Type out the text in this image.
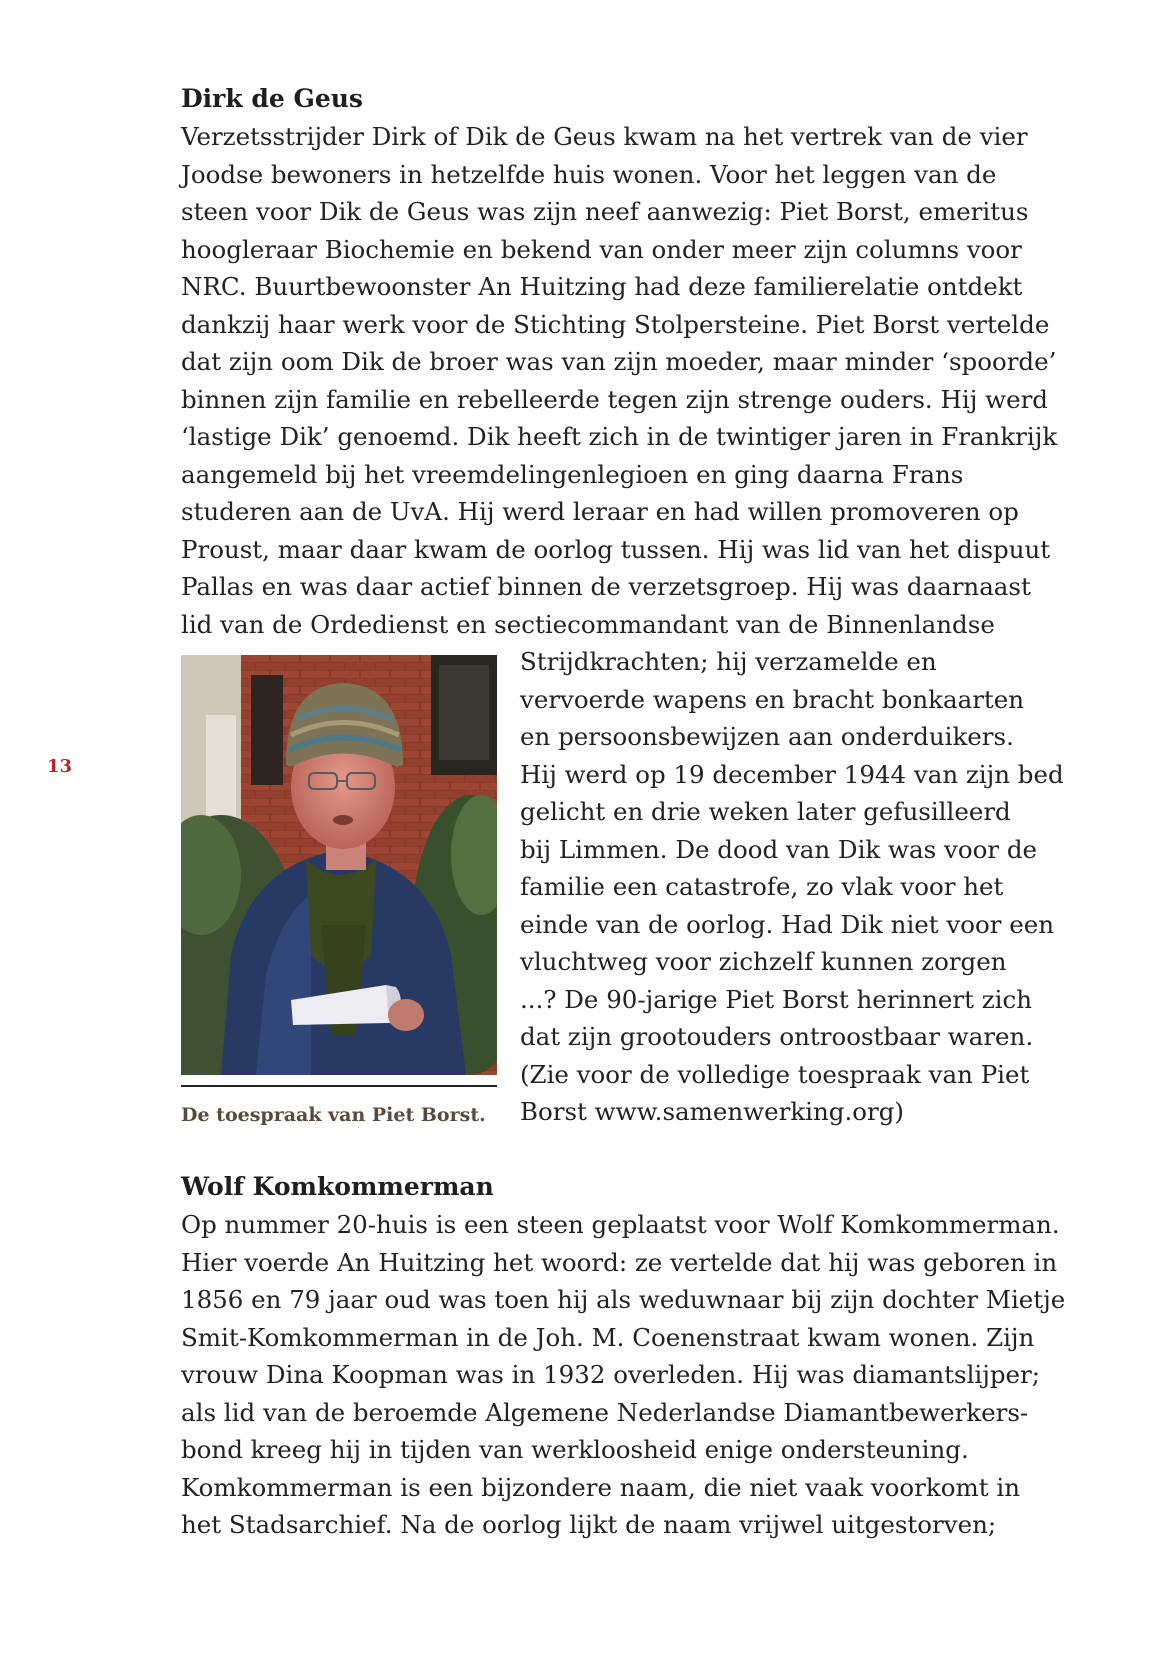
13
Dirk de Geus
Verzetsstrijder Dirk of Dik de Geus kwam na het vertrek van de vier
Joodse bewoners in hetzelfde huis wonen. Voor het leggen van de
steen voor Dik de Geus was zijn neef aanwezig: Piet Borst, emeritus
hoogleraar Biochemie en bekend van onder meer zijn columns voor
NRC. Buurtbewoonster An Huitzing had deze familierelatie ontdekt
dankzij haar werk voor de Stichting Stolpersteine. Piet Borst vertelde
dat zijn oom Dik de broer was van zijn moeder, maar minder ‘spoorde’
binnen zijn familie en rebelleerde tegen zijn strenge ouders. Hij werd
‘lastige Dik’ genoemd. Dik heeft zich in de twintiger jaren in Frankrijk
aangemeld bij het vreemdelingenlegioen en ging daarna Frans
studeren aan de UvA. Hij werd leraar en had willen promoveren op
Proust, maar daar kwam de oorlog tussen. Hij was lid van het dispuut
Pallas en was daar actief binnen de verzetsgroep. Hij was daarnaast
lid van de Ordedienst en sectiecommandant van de Binnenlandse
De toespraak van Piet Borst.
Strijdkrachten; hij verzamelde en
vervoerde wapens en bracht bonkaarten
en persoonsbewijzen aan onderduikers.
Hij werd op 19 december 1944 van zijn bed
gelicht en drie weken later gefusilleerd
bij Limmen. De dood van Dik was voor de
familie een catastrofe, zo vlak voor het
einde van de oorlog. Had Dik niet voor een
vluchtweg voor zichzelf kunnen zorgen
...? De 90-jarige Piet Borst herinnert zich
dat zijn grootouders ontroostbaar waren.
(Zie voor de volledige toespraak van Piet
Borst www.samenwerking.org)
Wolf Komkommerman
Op nummer 20-huis is een steen geplaatst voor Wolf Komkommerman.
Hier voerde An Huitzing het woord: ze vertelde dat hij was geboren in
1856 en 79 jaar oud was toen hij als weduwnaar bij zijn dochter Mietje
Smit-Komkommerman in de Joh. M. Coenenstraat kwam wonen. Zijn
vrouw Dina Koopman was in 1932 overleden. Hij was diamantslijper;
als lid van de beroemde Algemene Nederlandse Diamantbewerkers-
bond kreeg hij in tijden van werkloosheid enige ondersteuning.
Komkommerman is een bijzondere naam, die niet vaak voorkomt in
het Stadsarchief. Na de oorlog lijkt de naam vrijwel uitgestorven;
